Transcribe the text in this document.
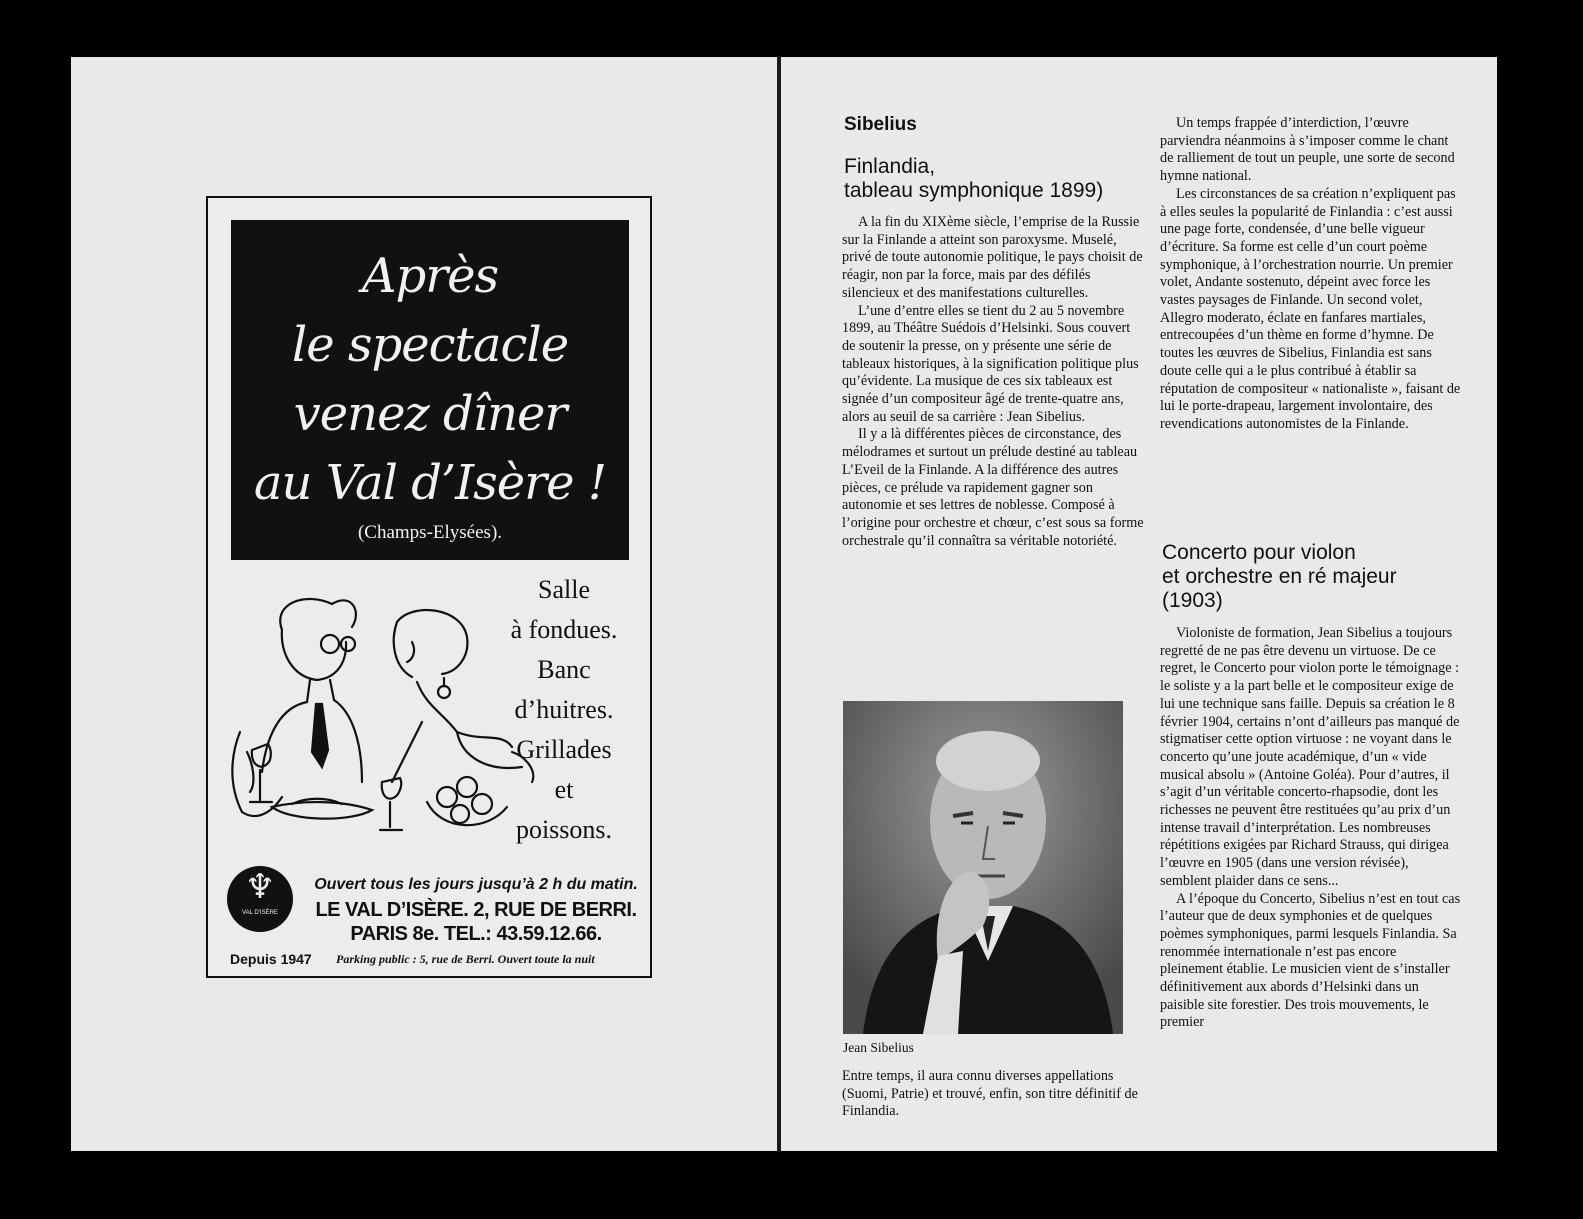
Après
le spectacle
venez dîner
au Val d’Isère !
(Champs-Elysées).
Salle
à fondues.
Banc
d’huitres.
Grillades
et
poissons.
♆
VAL D'ISÈRE
Ouvert tous les jours jusqu’à 2 h du matin.
LE VAL D’ISÈRE. 2, RUE DE BERRI.
PARIS 8e. TEL.: 43.59.12.66.
Depuis 1947 Parking public : 5, rue de Berri. Ouvert toute la nuit
Sibelius
Finlandia,
tableau symphonique 1899)

A la fin du XIXème siècle, l’emprise de la Russie sur la Finlande a atteint son paroxysme. Muselé, privé de toute autonomie politique, le pays choisit de réagir, non par la force, mais par des défilés silencieux et des manifestations culturelles.

L’une d’entre elles se tient du 2 au 5 novembre 1899, au Théâtre Suédois d’Helsinki. Sous couvert de soutenir la presse, on y présente une série de tableaux historiques, à la signification politique plus qu’évidente. La musique de ces six tableaux est signée d’un compositeur âgé de trente-quatre ans, alors au seuil de sa carrière : Jean Sibelius.

Il y a là différentes pièces de circonstance, des mélodrames et surtout un prélude destiné au tableau L’Eveil de la Finlande. A la différence des autres pièces, ce prélude va rapidement gagner son autonomie et ses lettres de noblesse. Composé à l’origine pour orchestre et chœur, c’est sous sa forme orchestrale qu’il connaîtra sa véritable notoriété.

Jean Sibelius

Entre temps, il aura connu diverses appellations (Suomi, Patrie) et trouvé, enfin, son titre définitif de Finlandia.

Un temps frappée d’interdiction, l’œuvre parviendra néanmoins à s’imposer comme le chant de ralliement de tout un peuple, une sorte de second hymne national.

Les circonstances de sa création n’expliquent pas à elles seules la popularité de Finlandia : c’est aussi une page forte, condensée, d’une belle vigueur d’écriture. Sa forme est celle d’un court poème symphonique, à l’orchestration nourrie. Un premier volet, Andante sostenuto, dépeint avec force les vastes paysages de Finlande. Un second volet, Allegro moderato, éclate en fanfares martiales, entrecoupées d’un thème en forme d’hymne. De toutes les œuvres de Sibelius, Finlandia est sans doute celle qui a le plus contribué à établir sa réputation de compositeur « nationaliste », faisant de lui le porte-drapeau, largement involontaire, des revendications autonomistes de la Finlande.

Concerto pour violon
et orchestre en ré majeur
(1903)

Violoniste de formation, Jean Sibelius a toujours regretté de ne pas être devenu un virtuose. De ce regret, le Concerto pour violon porte le témoignage : le soliste y a la part belle et le compositeur exige de lui une technique sans faille. Depuis sa création le 8 février 1904, certains n’ont d’ailleurs pas manqué de stigmatiser cette option virtuose : ne voyant dans le concerto qu’une joute académique, d’un « vide musical absolu » (Antoine Goléa). Pour d’autres, il s’agit d’un véritable concerto-rhapsodie, dont les richesses ne peuvent être restituées qu’au prix d’un intense travail d’interprétation. Les nombreuses répétitions exigées par Richard Strauss, qui dirigea l’œuvre en 1905 (dans une version révisée), semblent plaider dans ce sens...

A l’époque du Concerto, Sibelius n’est en tout cas l’auteur que de deux symphonies et de quelques poèmes symphoniques, parmi lesquels Finlandia. Sa renommée internationale n’est pas encore pleinement établie. Le musicien vient de s’installer définitivement aux abords d’Helsinki dans un paisible site forestier. Des trois mouvements, le premier
